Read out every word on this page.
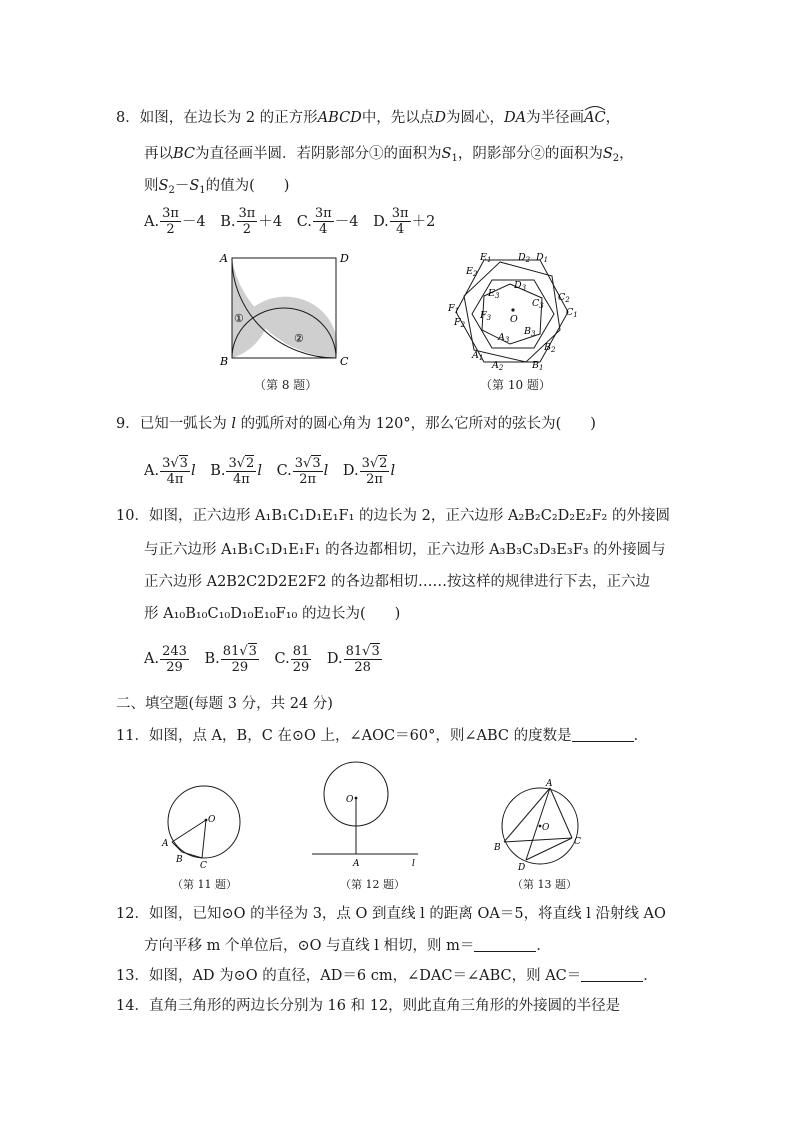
8．如图，在边长为 2 的正方形ABCD中，先以点D为圆心，DA为半径画AC
，
再以BC为直径画半圆．若阴影部分①的面积为$S_1$，阴影部分②的面积为$S_2$，
则$S_2-S_1$的值为(　　)
A. $\frac{3\pi}{2} -4$ B. $\frac{3\pi}{2} +4$ C. $\frac{3\pi}{4} -4$ D. $\frac{3\pi}{4} +2$
A	D
B	C
①
②
（第 8 题）
$E_1$	$D_2$ $D_1$
$E_2$
$E_3$
$D_3$
$C_3$
$C_2$
$C_1$
$F_1$
$F_2$
$F_3$ O
$A_3$
$B_3$
$B_2$
$A_1$
$A_2$	$B_1$
（第 10 题）
9．已知一弧长为 l 的弧所对的圆心角为 120°，那么它所对的弦长为(　　)
A. $\frac{3√3}{4\pi}$ l B. $\frac{3√2}{4\pi}$ l C. $\frac{3√3}{2\pi}$ l D. $\frac{3√2}{2\pi}$ l
10．如图，正六边形 A₁B₁C₁D₁E₁F₁ 的边长为 2，正六边形 A₂B₂C₂D₂E₂F₂ 的外接圆
与正六边形 A₁B₁C₁D₁E₁F₁ 的各边都相切，正六边形 A₃B₃C₃D₃E₃F₃ 的外接圆与
正六边形 A2B2C2D2E2F2 的各边都相切……按这样的规律进行下去，正六边
形 A₁₀B₁₀C₁₀D₁₀E₁₀F₁₀ 的边长为(　　)
A. $\frac{243}{29} B$. $\frac{81√3}{29} C$. $\frac{81}{29} D$. $\frac{81√3}{28}$
二、填空题(每题 3 分，共 24 分)
11．如图，点 A，B，C 在⊙O 上，∠AOC＝60°，则∠ABC 的度数是	．
O
A
B
C
（第 11 题）
O
A	l
（第 12 题）
A
O
B
C
D
（第 13 题）
12．如图，已知⊙O 的半径为 3，点 O 到直线 l 的距离 OA＝5，将直线 l 沿射线 AO
方向平移 m 个单位后，⊙O 与直线 l 相切，则 m＝	．
13．如图，AD 为⊙O 的直径，AD＝6 cm，∠DAC＝∠ABC，则 AC＝	．
14．直角三角形的两边长分别为 16 和 12，则此直角三角形的外接圆的半径是
